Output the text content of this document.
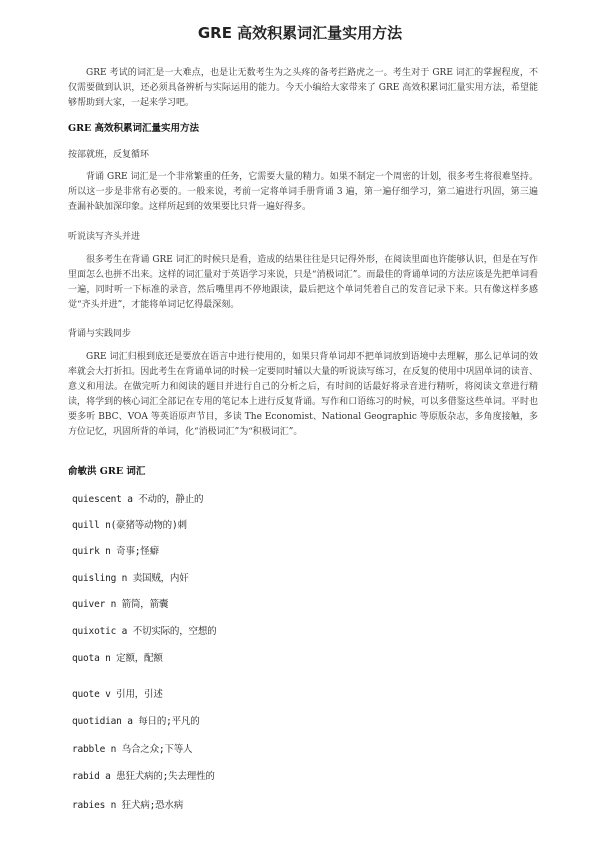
GRE 高效积累词汇量实用方法

GRE 考试的词汇是一大难点，也是让无数考生为之头疼的备考拦路虎之一。考生对于 GRE 词汇的掌握程度，不仅需要做到认识，还必须具备辨析与实际运用的能力。今天小编给大家带来了 GRE 高效积累词汇量实用方法，希望能够帮助到大家，一起来学习吧。

GRE 高效积累词汇量实用方法
按部就班，反复循环

背诵 GRE 词汇是一个非常繁重的任务，它需要大量的精力。如果不制定一个周密的计划，很多考生将很难坚持。所以这一步是非常有必要的。一般来说，考前一定将单词手册背诵 3 遍，第一遍仔细学习，第二遍进行巩固，第三遍查漏补缺加深印象。这样所起到的效果要比只背一遍好得多。

听说读写齐头并进

很多考生在背诵 GRE 词汇的时候只是看，造成的结果往往是只记得外形，在阅读里面也许能够认识，但是在写作里面怎么也拼不出来。这样的词汇量对于英语学习来说，只是“消极词汇”。而最佳的背诵单词的方法应该是先把单词看一遍，同时听一下标准的录音，然后嘴里再不停地跟读，最后把这个单词凭着自己的发音记录下来。只有像这样多感觉“齐头并进”，才能将单词记忆得最深刻。

背诵与实践同步

GRE 词汇归根到底还是要放在语言中进行使用的，如果只背单词却不把单词放到语境中去理解，那么记单词的效率就会大打折扣。因此考生在背诵单词的时候一定要同时辅以大量的听说读写练习，在反复的使用中巩固单词的读音、意义和用法。在做完听力和阅读的题目并进行自己的分析之后，有时间的话最好将录音进行精听，将阅读文章进行精读，将学到的核心词汇全部记在专用的笔记本上进行反复背诵。写作和口语练习的时候，可以多借鉴这些单词。平时也要多听 BBC、VOA 等英语原声节目，多读 The Economist、National Geographic 等原版杂志，多角度接触，多方位记忆，巩固所背的单词，化“消极词汇”为“积极词汇”。

俞敏洪 GRE 词汇
quiescent a 不动的，静止的
quill n(豪猪等动物的)刺
quirk n 奇事;怪癖
quisling n 卖国贼，内奸
quiver n 箭筒，箭囊
quixotic a 不切实际的，空想的
quota n 定额，配额
quote v 引用，引述
quotidian a 每日的;平凡的
rabble n 乌合之众;下等人
rabid a 患狂犬病的;失去理性的
rabies n 狂犬病;恐水病
